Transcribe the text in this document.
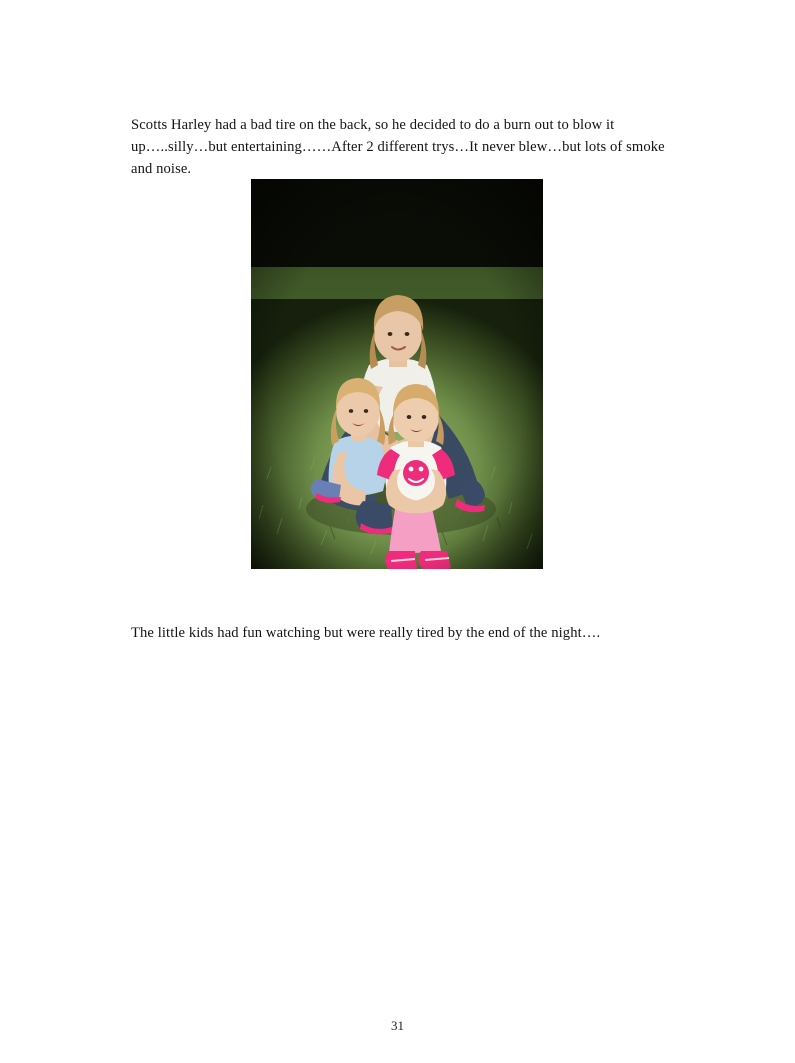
Scotts Harley had a bad tire on the back, so he decided to do a burn out to blow it up…..silly…but entertaining……After 2 different trys…It never blew…but lots of smoke and noise.

The little kids had fun watching but were really tired by the end of the night….

31
